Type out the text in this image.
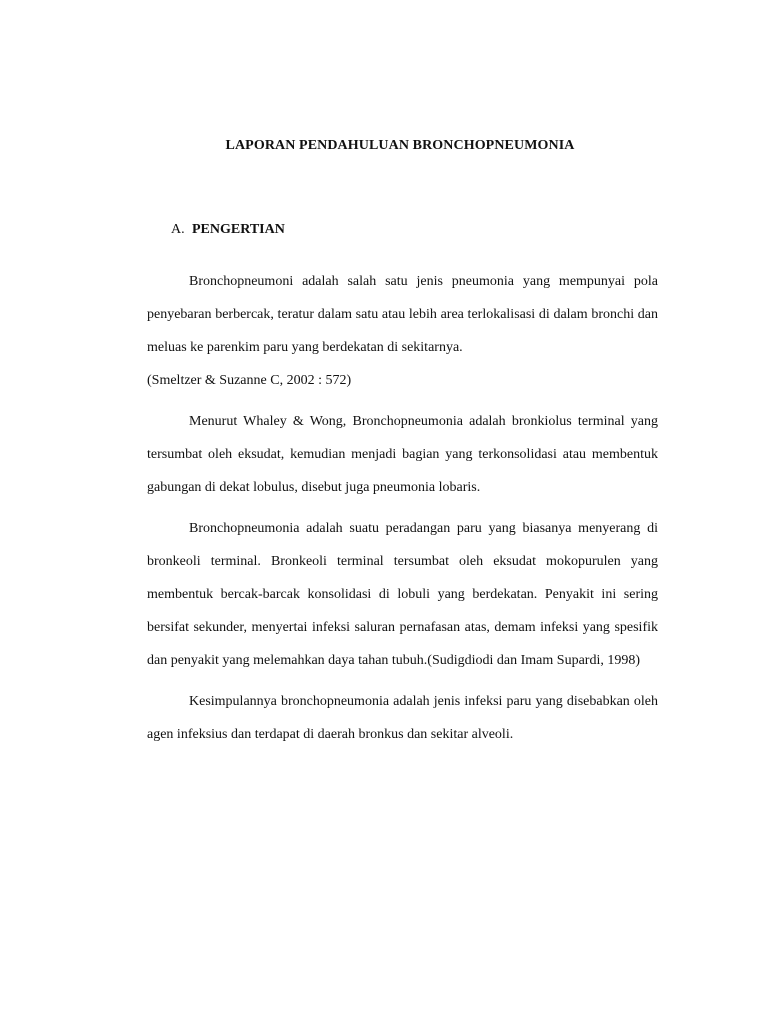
LAPORAN PENDAHULUAN BRONCHOPNEUMONIA
A. PENGERTIAN

Bronchopneumoni adalah salah satu jenis pneumonia yang mempunyai pola penyebaran berbercak, teratur dalam satu atau lebih area terlokalisasi di dalam bronchi dan meluas ke parenkim paru yang berdekatan di sekitarnya.
(Smeltzer & Suzanne C, 2002 : 572)

Menurut Whaley & Wong, Bronchopneumonia adalah bronkiolus terminal yang tersumbat oleh eksudat, kemudian menjadi bagian yang terkonsolidasi atau membentuk gabungan di dekat lobulus, disebut juga pneumonia lobaris.

Bronchopneumonia adalah suatu peradangan paru yang biasanya menyerang di bronkeoli terminal. Bronkeoli terminal tersumbat oleh eksudat mokopurulen yang membentuk bercak-barcak konsolidasi di lobuli yang berdekatan. Penyakit ini sering bersifat sekunder, menyertai infeksi saluran pernafasan atas, demam infeksi yang spesifik dan penyakit yang melemahkan daya tahan tubuh.(Sudigdiodi dan Imam Supardi, 1998)

Kesimpulannya bronchopneumonia adalah jenis infeksi paru yang disebabkan oleh agen infeksius dan terdapat di daerah bronkus dan sekitar alveoli.
